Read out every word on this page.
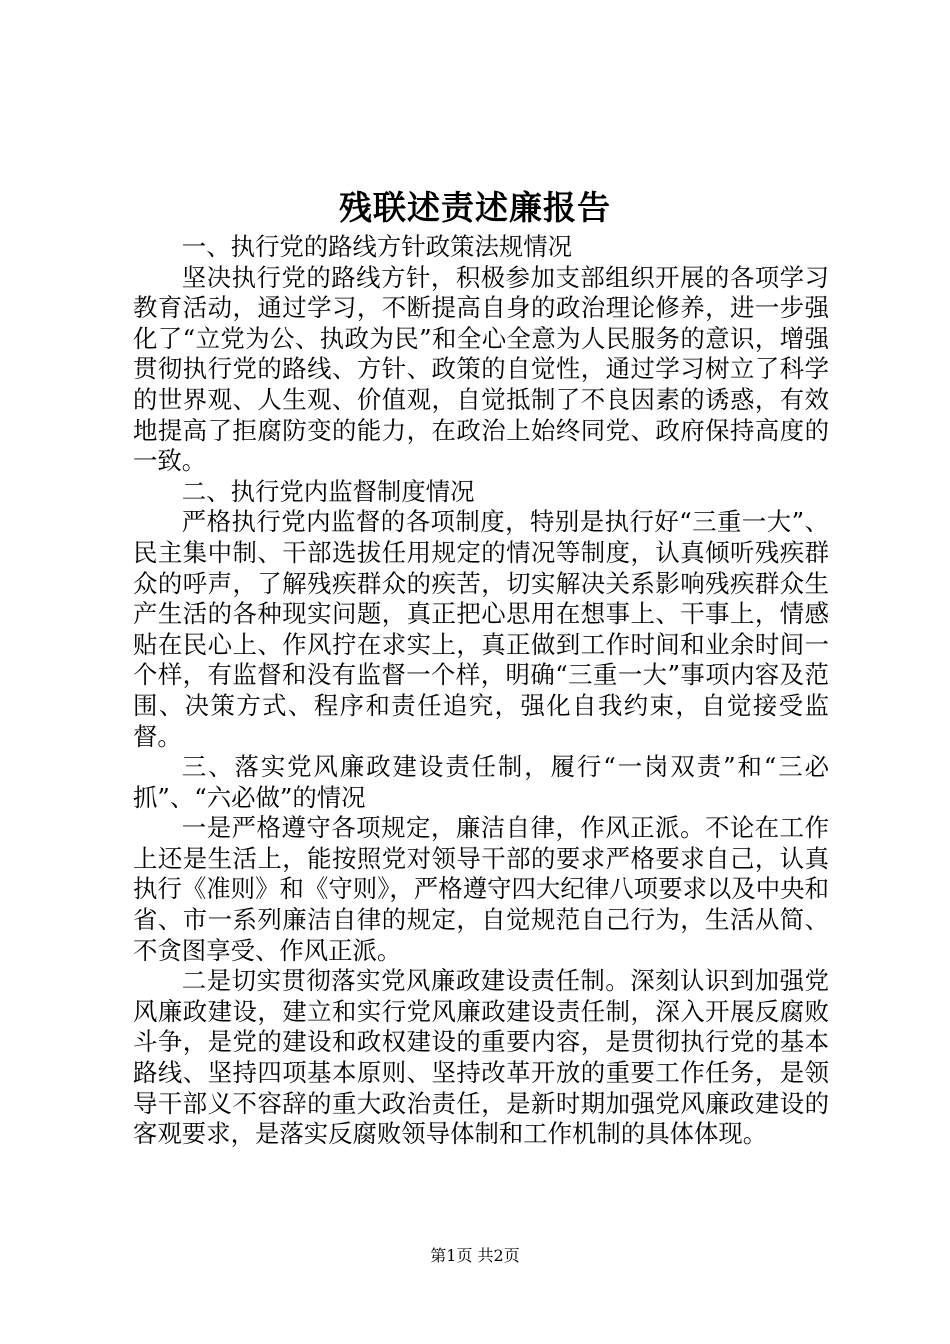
残联述责述廉报告

一、执行党的路线方针政策法规情况

坚决执行党的路线方针，积极参加支部组织开展的各项学习教育活动，通过学习，不断提高自身的政治理论修养，进一步强化了“立党为公、执政为民”和全心全意为人民服务的意识，增强贯彻执行党的路线、方针、政策的自觉性，通过学习树立了科学的世界观、人生观、价值观，自觉抵制了不良因素的诱惑，有效地提高了拒腐防变的能力，在政治上始终同党、政府保持高度的一致。

二、执行党内监督制度情况

严格执行党内监督的各项制度，特别是执行好“三重一大”、民主集中制、干部选拔任用规定的情况等制度，认真倾听残疾群众的呼声，了解残疾群众的疾苦，切实解决关系影响残疾群众生产生活的各种现实问题，真正把心思用在想事上、干事上，情感贴在民心上、作风拧在求实上，真正做到工作时间和业余时间一个样，有监督和没有监督一个样，明确“三重一大”事项内容及范围、决策方式、程序和责任追究，强化自我约束，自觉接受监督。

三、落实党风廉政建设责任制，履行“一岗双责”和“三必抓”、“六必做”的情况

一是严格遵守各项规定，廉洁自律，作风正派。不论在工作上还是生活上，能按照党对领导干部的要求严格要求自己，认真执行《准则》和《守则》，严格遵守四大纪律八项要求以及中央和省、市一系列廉洁自律的规定，自觉规范自己行为，生活从简、不贪图享受、作风正派。

二是切实贯彻落实党风廉政建设责任制。深刻认识到加强党风廉政建设，建立和实行党风廉政建设责任制，深入开展反腐败斗争，是党的建设和政权建设的重要内容，是贯彻执行党的基本路线、坚持四项基本原则、坚持改革开放的重要工作任务，是领导干部义不容辞的重大政治责任，是新时期加强党风廉政建设的客观要求，是落实反腐败领导体制和工作机制的具体体现。

第1页 共2页
